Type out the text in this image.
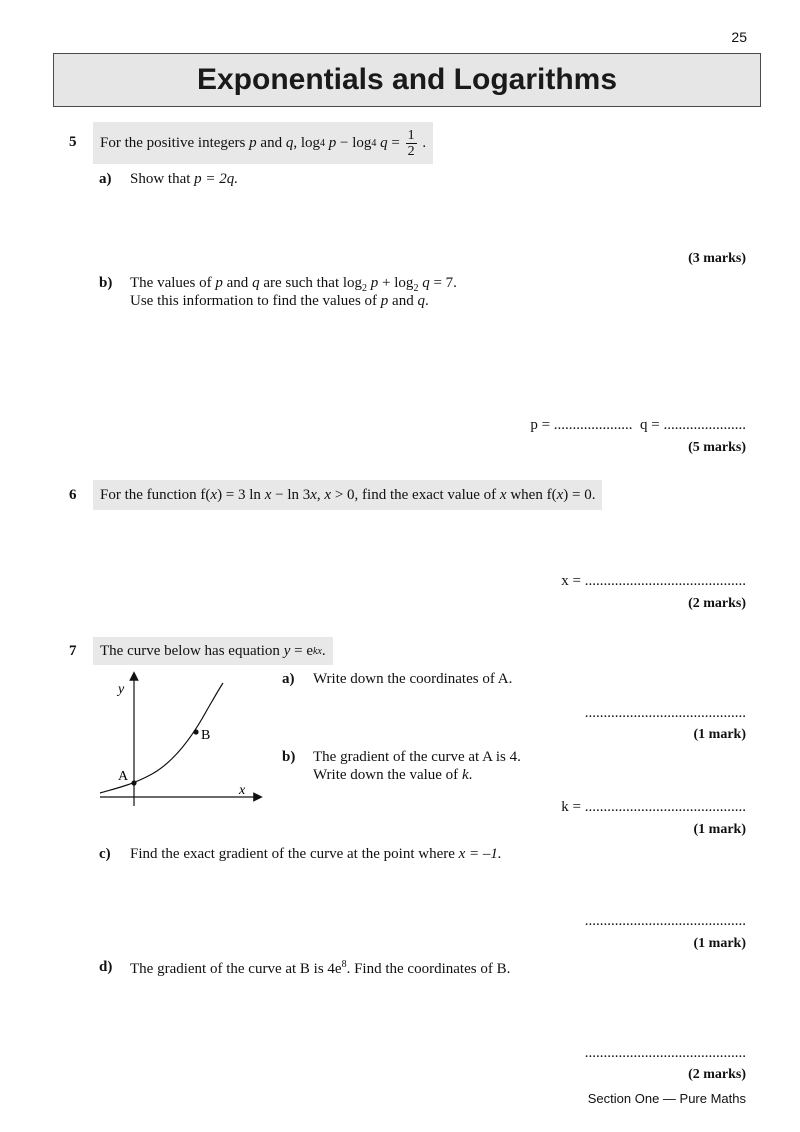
25
Exponentials and Logarithms
5 For the positive integers
p
and
q , log 4
p
−
log 4
q
=
$\frac{1}{2}$
.
a) Show that p = 2q.
(3 marks)
b) The values of p and q are such that $\log_2 p + \log_2 q = 7$.
Use this information to find the values of p and q.
p = ..................... q = ......................
(5 marks)
6 For the function f( x ) = 3 ln
x
− ln 3 x ,
x
> 0, find the exact value of
x
when f( x ) = 0.
x = ...........................................
(2 marks)
7 The curve below has equation
y
= e kx .
y
x
A
B
a) Write down the coordinates of A.
...........................................
(1 mark)
b) The gradient of the curve at A is 4.
Write down the value of k.
k = ...........................................
(1 mark)
c) Find the exact gradient of the curve at the point where x = –1.
...........................................
(1 mark)
d) The gradient of the curve at B is $4e^8$. Find the coordinates of B.
...........................................
(2 marks)
Section One — Pure Maths
